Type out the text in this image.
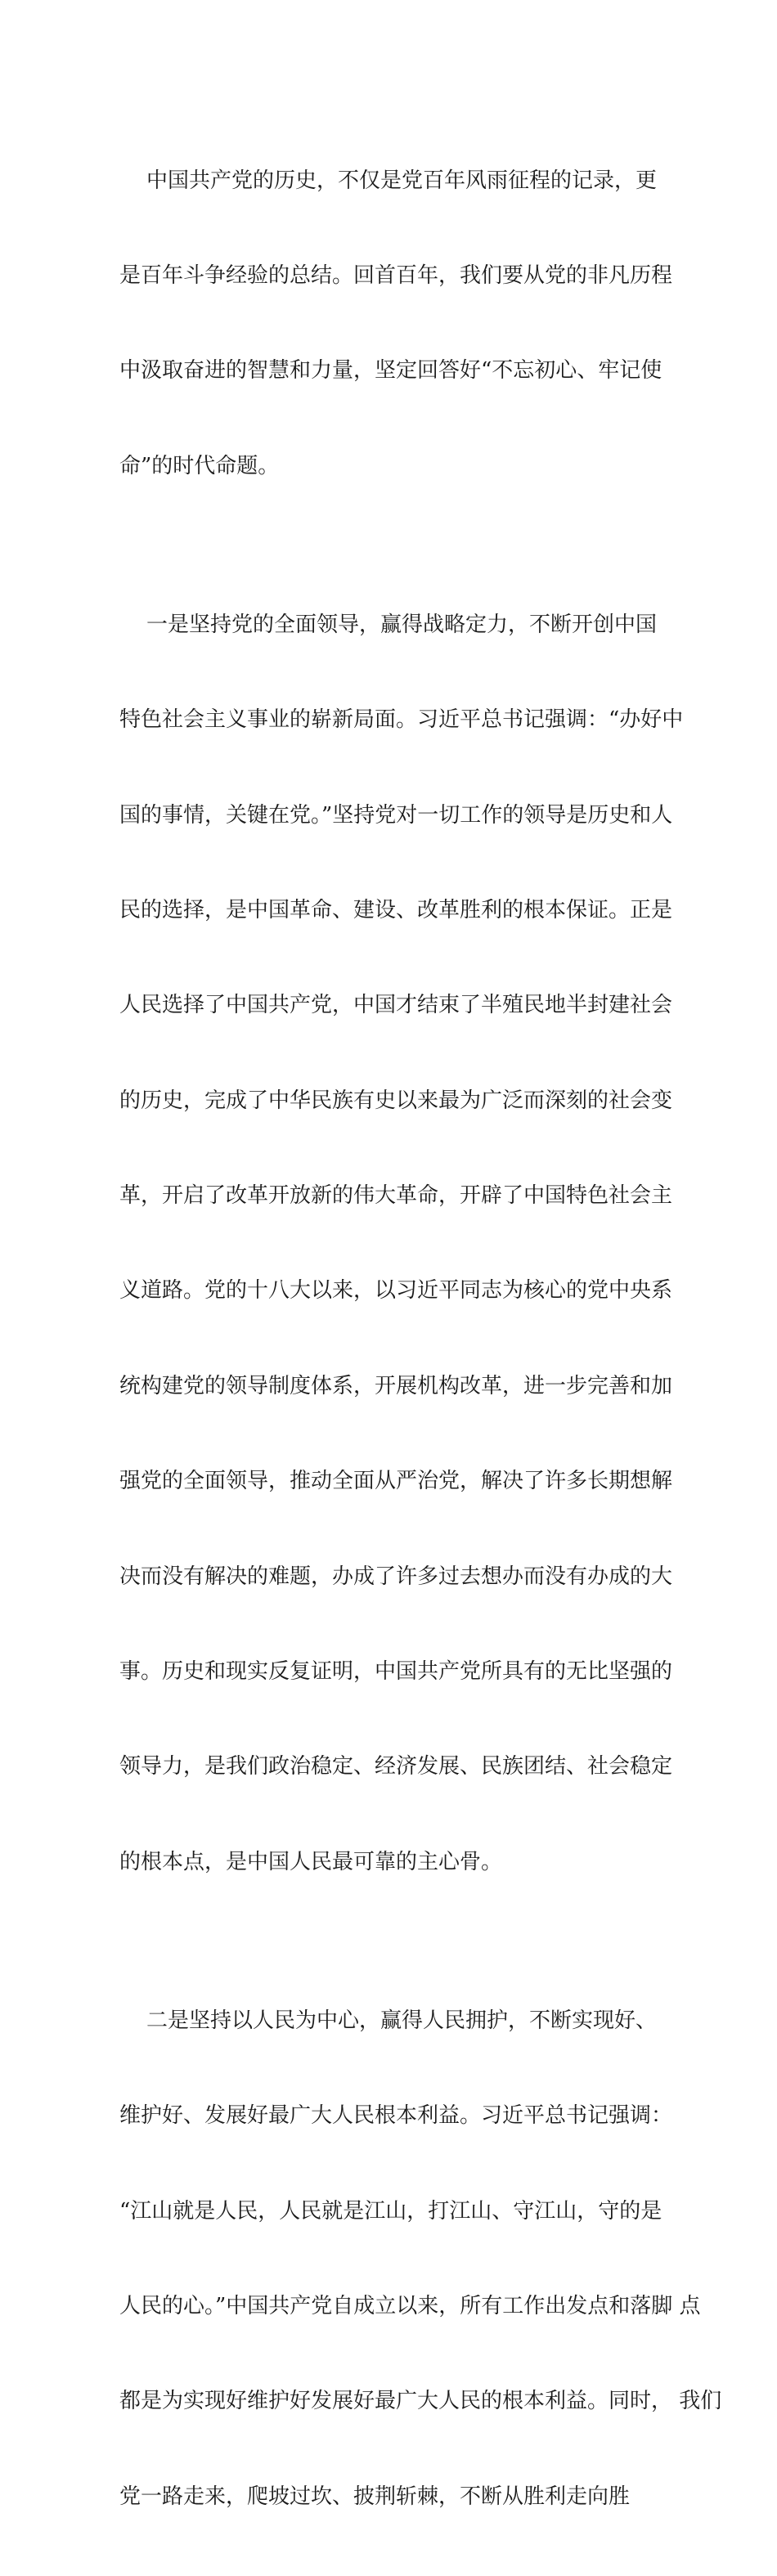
中国共产党的历史，不仅是党百年风雨征程的记录，更

是百年斗争经验的总结。回首百年，我们要从党的非凡历程

中汲取奋进的智慧和力量，坚定回答好“不忘初心、牢记使

命”的时代命题。

一是坚持党的全面领导，赢得战略定力，不断开创中国

特色社会主义事业的崭新局面。习近平总书记强调：“办好中

国的事情，关键在党。”坚持党对一切工作的领导是历史和人

民的选择，是中国革命、建设、改革胜利的根本保证。正是

人民选择了中国共产党，中国才结束了半殖民地半封建社会

的历史，完成了中华民族有史以来最为广泛而深刻的社会变

革，开启了改革开放新的伟大革命，开辟了中国特色社会主

义道路。党的十八大以来，以习近平同志为核心的党中央系

统构建党的领导制度体系，开展机构改革，进一步完善和加

强党的全面领导，推动全面从严治党，解决了许多长期想解

决而没有解决的难题，办成了许多过去想办而没有办成的大

事。历史和现实反复证明，中国共产党所具有的无比坚强的

领导力，是我们政治稳定、经济发展、民族团结、社会稳定

的根本点，是中国人民最可靠的主心骨。

二是坚持以人民为中心，赢得人民拥护，不断实现好、

维护好、发展好最广大人民根本利益。习近平总书记强调：

“江山就是人民，人民就是江山，打江山、守江山，守的是

人民的心。”中国共产党自成立以来，所有工作出发点和落脚 点

都是为实现好维护好发展好最广大人民的根本利益。同时， 我们

党一路走来，爬坡过坎、披荆斩棘，不断从胜利走向胜
